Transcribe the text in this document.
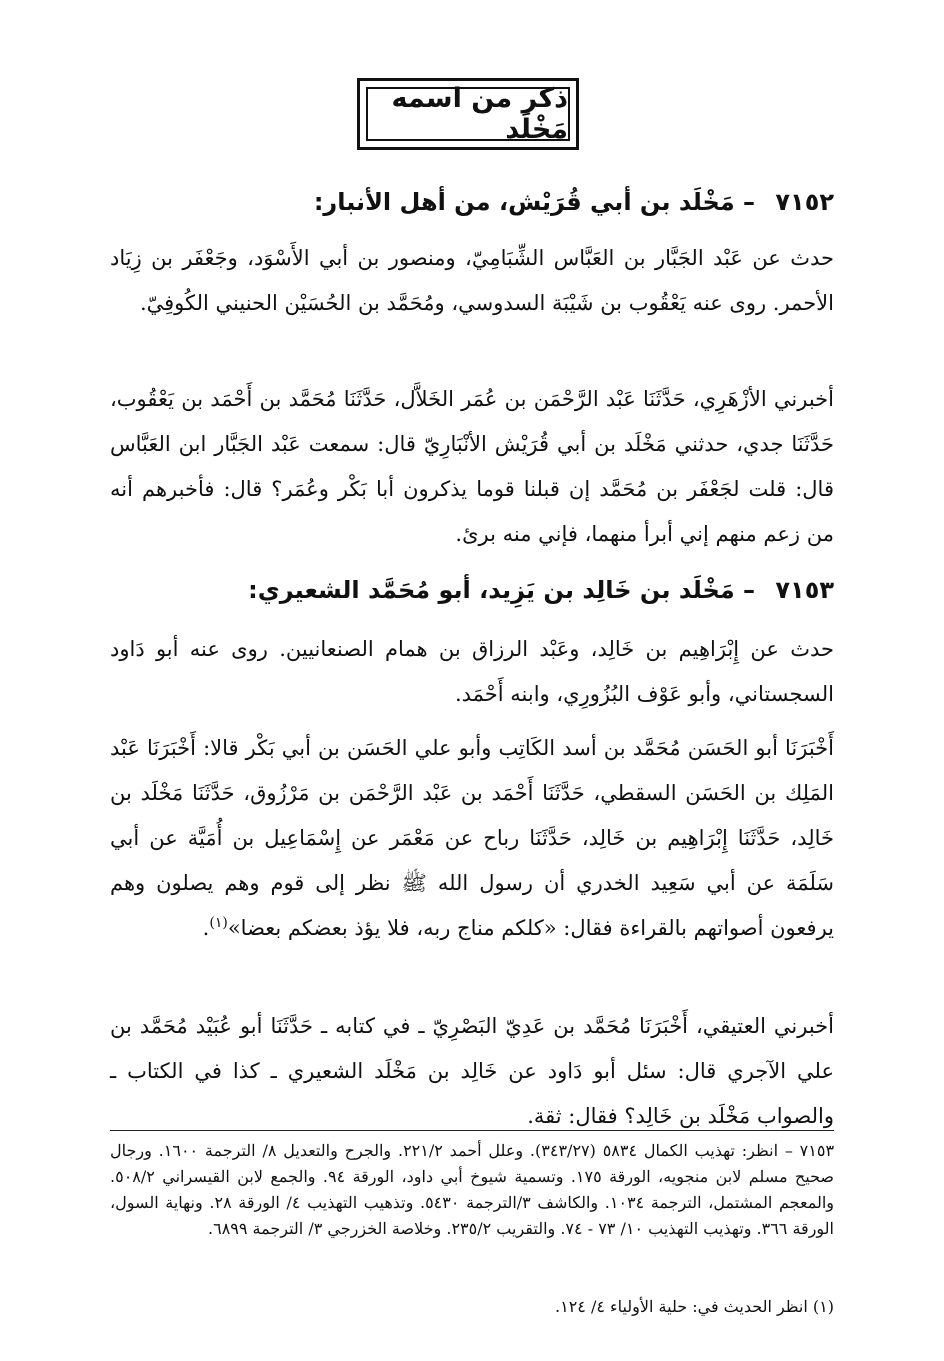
ذكر من اسمه مَخْلَد
٧١٥٢ – مَخْلَد بن أبي قُرَيْش، من أهل الأنبار:
حدث عن عَبْد الجَبَّار بن العَبَّاس الشِّبَامِيّ، ومنصور بن أبي الأَسْوَد، وجَعْفَر بن زِيَاد الأحمر. روى عنه يَعْقُوب بن شَيْبَة السدوسي، ومُحَمَّد بن الحُسَيْن الحنيني الكُوفِيّ.
أخبرني الأزْهَرِي، حَدَّثَنَا عَبْد الرَّحْمَن بن عُمَر الخَلاَّل، حَدَّثَنَا مُحَمَّد بن أَحْمَد بن يَعْقُوب، حَدَّثَنَا جدي، حدثني مَخْلَد بن أبي قُرَيْش الأنْبَارِيّ قال: سمعت عَبْد الجَبَّار ابن العَبَّاس قال: قلت لجَعْفَر بن مُحَمَّد إن قبلنا قوما يذكرون أبا بَكْر وعُمَر؟ قال: فأخبرهم أنه من زعم منهم إني أبرأ منهما، فإني منه برئ.
٧١٥٣ – مَخْلَد بن خَالِد بن يَزِيد، أبو مُحَمَّد الشعيري:
حدث عن إِبْرَاهِيم بن خَالِد، وعَبْد الرزاق بن همام الصنعانيين. روى عنه أبو دَاود السجستاني، وأبو عَوْف البُزُورِي، وابنه أَحْمَد.
أَخْبَرَنَا أبو الحَسَن مُحَمَّد بن أسد الكَاتِب وأبو علي الحَسَن بن أبي بَكْر قالا: أَخْبَرَنَا عَبْد المَلِك بن الحَسَن السقطي، حَدَّثَنَا أَحْمَد بن عَبْد الرَّحْمَن بن مَرْزُوق، حَدَّثَنَا مَخْلَد بن خَالِد، حَدَّثَنَا إِبْرَاهِيم بن خَالِد، حَدَّثَنَا رباح عن مَعْمَر عن إِسْمَاعِيل بن أُمَيَّة عن أبي سَلَمَة عن أبي سَعِيد الخدري أن رسول الله ﷺ نظر إلى قوم وهم يصلون وهم يرفعون أصواتهم بالقراءة فقال: «كلكم مناج ربه، فلا يؤذ بعضكم بعضا»$^{(١)}$.
أخبرني العتيقي، أَخْبَرَنَا مُحَمَّد بن عَدِيّ البَصْرِيّ ـ في كتابه ـ حَدَّثَنَا أبو عُبَيْد مُحَمَّد بن علي الآجري قال: سئل أبو دَاود عن خَالِد بن مَخْلَد الشعيري ـ كذا في الكتاب ـ والصواب مَخْلَد بن خَالِد؟ فقال: ثقة.
٧١٥٣ – انظر: تهذيب الكمال ٥٨٣٤ (٣٤٣/٢٧). وعلل أحمد ٢٢١/٢. والجرح والتعديل ٨/ الترجمة ١٦٠٠. ورجال صحيح مسلم لابن منجويه، الورقة ١٧٥. وتسمية شيوخ أبي داود، الورقة ٩٤. والجمع لابن القيسراني ٥٠٨/٢. والمعجم المشتمل، الترجمة ١٠٣٤. والكاشف ٣/الترجمة ٥٤٣٠. وتذهيب التهذيب ٤/ الورقة ٢٨. ونهاية السول، الورقة ٣٦٦. وتهذيب التهذيب ١٠/ ٧٣ - ٧٤. والتقريب ٢٣٥/٢. وخلاصة الخزرجي ٣/ الترجمة ٦٨٩٩.
(١) انظر الحديث في: حلية الأولياء ٤/ ١٢٤.
